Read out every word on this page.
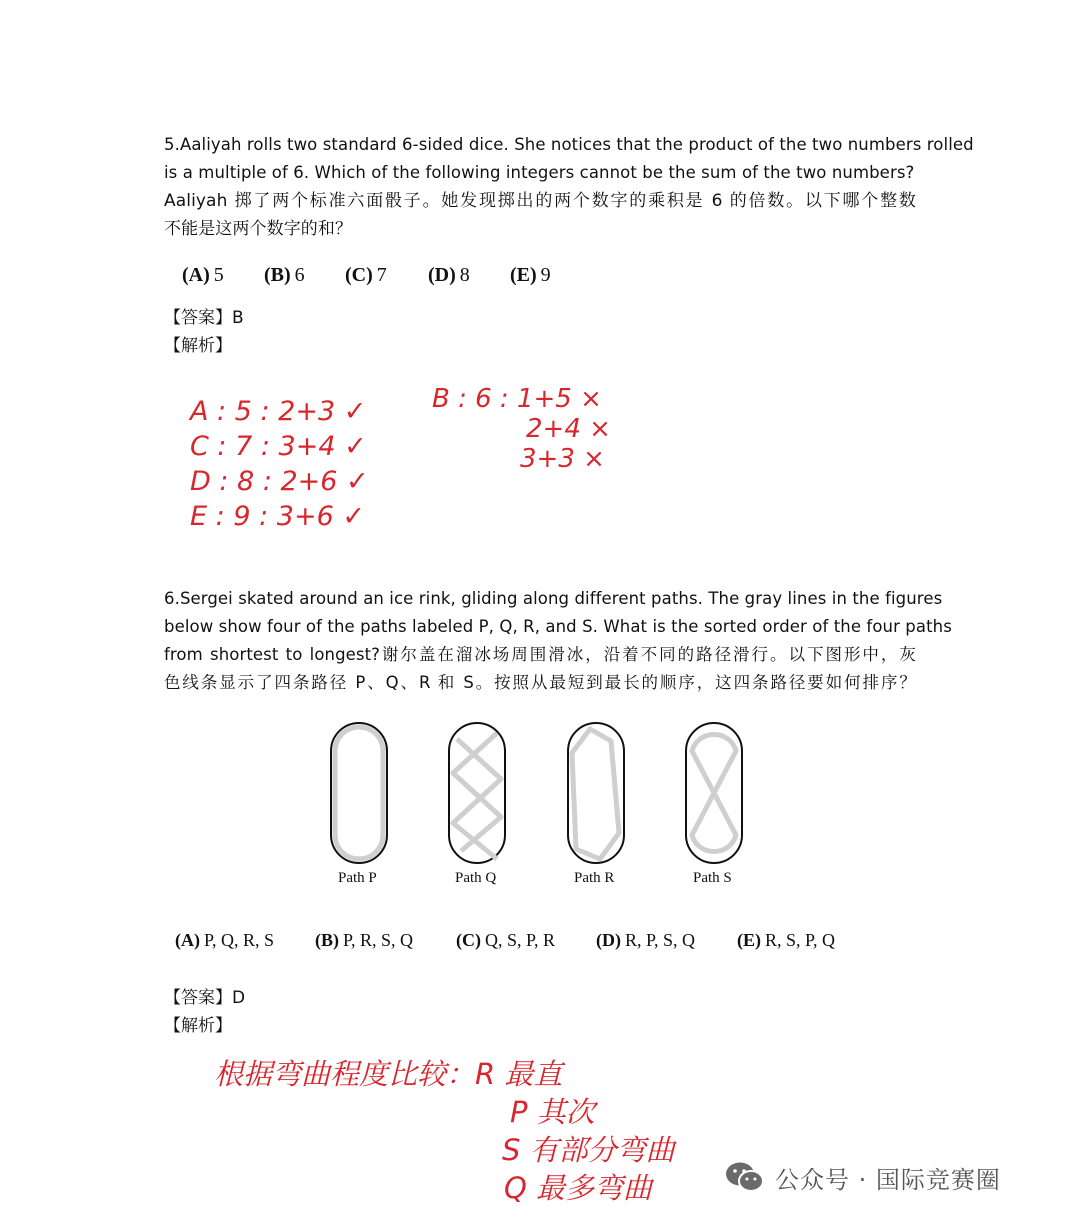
5.Aaliyah rolls two standard 6-sided dice. She notices that the product of the two numbers rolled
is a multiple of 6. Which of the following integers cannot be the sum of the two numbers?
Aaliyah 掷了两个标准六面骰子。她发现掷出的两个数字的乘积是 6 的倍数。以下哪个整数
不能是这两个数字的和？
(A) 5 (B) 6 (C) 7 (D) 8 (E) 9
【答案】B
【解析】
A : 5 : 2+3 ✓
C : 7 : 3+4 ✓
D : 8 : 2+6 ✓
E : 9 : 3+6 ✓
B : 6 : 1+5 ×
2+4 ×
3+3 ×
6.Sergei skated around an ice rink, gliding along different paths. The gray lines in the figures
below show four of the paths labeled P, Q, R, and S. What is the sorted order of the four paths
from shortest to longest?谢尔盖在溜冰场周围滑冰，沿着不同的路径滑行。以下图形中，灰
色线条显示了四条路径 P、Q、R 和 S。按照从最短到最长的顺序，这四条路径要如何排序？
Path P	Path Q	Path R	Path S
(A) P, Q, R, S (B) P, R, S, Q (C) Q, S, P, R (D) R, P, S, Q (E) R, S, P, Q
【答案】D
【解析】
根据弯曲程度比较：R 最直
P 其次
S 有部分弯曲
Q 最多弯曲	公众号 · 国际竞赛圈
